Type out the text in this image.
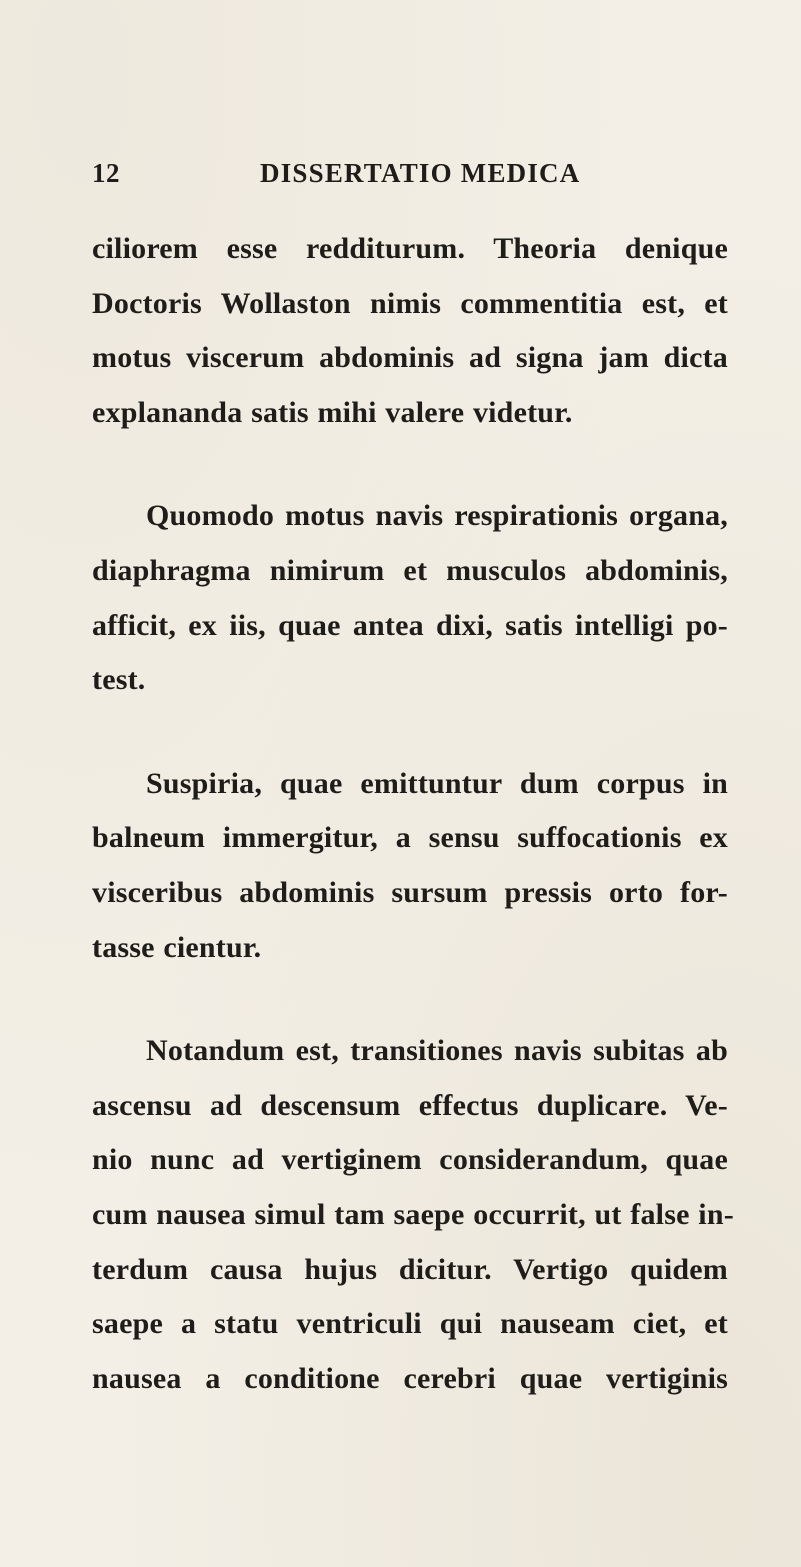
12	DISSERTATIO MEDICA

ciliorem esse redditurum. Theoria denique
Doctoris Wollaston nimis commentitia est, et
motus viscerum abdominis ad signa jam dicta
explananda satis mihi valere videtur.

Quomodo motus navis respirationis organa,
diaphragma nimirum et musculos abdominis,
afficit, ex iis, quae antea dixi, satis intelligi po-
test.

Suspiria, quae emittuntur dum corpus in
balneum immergitur, a sensu suffocationis ex
visceribus abdominis sursum pressis orto for-
tasse cientur.

Notandum est, transitiones navis subitas ab
ascensu ad descensum effectus duplicare. Ve-
nio nunc ad vertiginem considerandum, quae
cum nausea simul tam saepe occurrit, ut false in-
terdum causa hujus dicitur. Vertigo quidem
saepe a statu ventriculi qui nauseam ciet, et
nausea a conditione cerebri quae vertiginis
